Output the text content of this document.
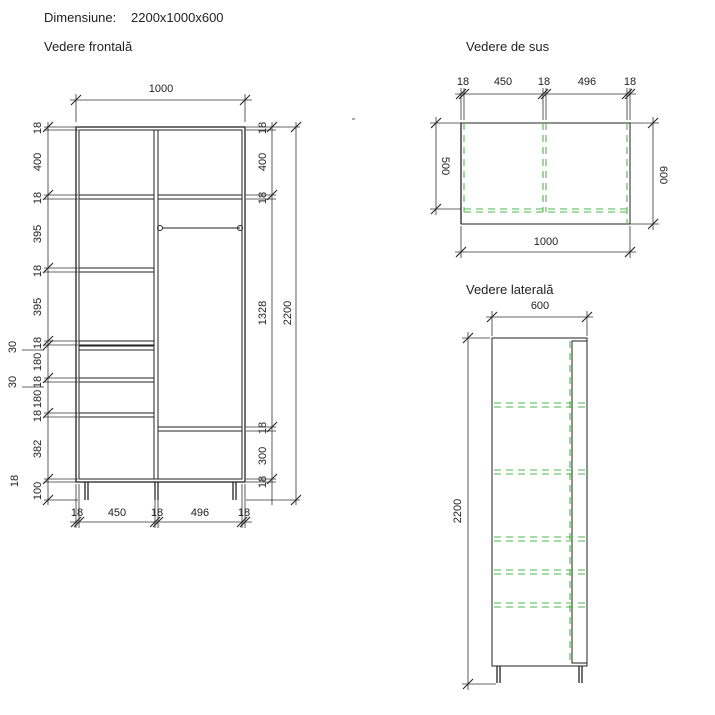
Dimensiune: 2200x1000x600
Vedere frontală	Vedere de sus
Vedere laterală
1000
18 450 18	496	18
18
400
18
395
18
395
18
180
18
180
18
382
18
100
30
30
18
400
18
1328
18
300
18
2200
18 450 18	496	18
500	600
1000
600
2200
